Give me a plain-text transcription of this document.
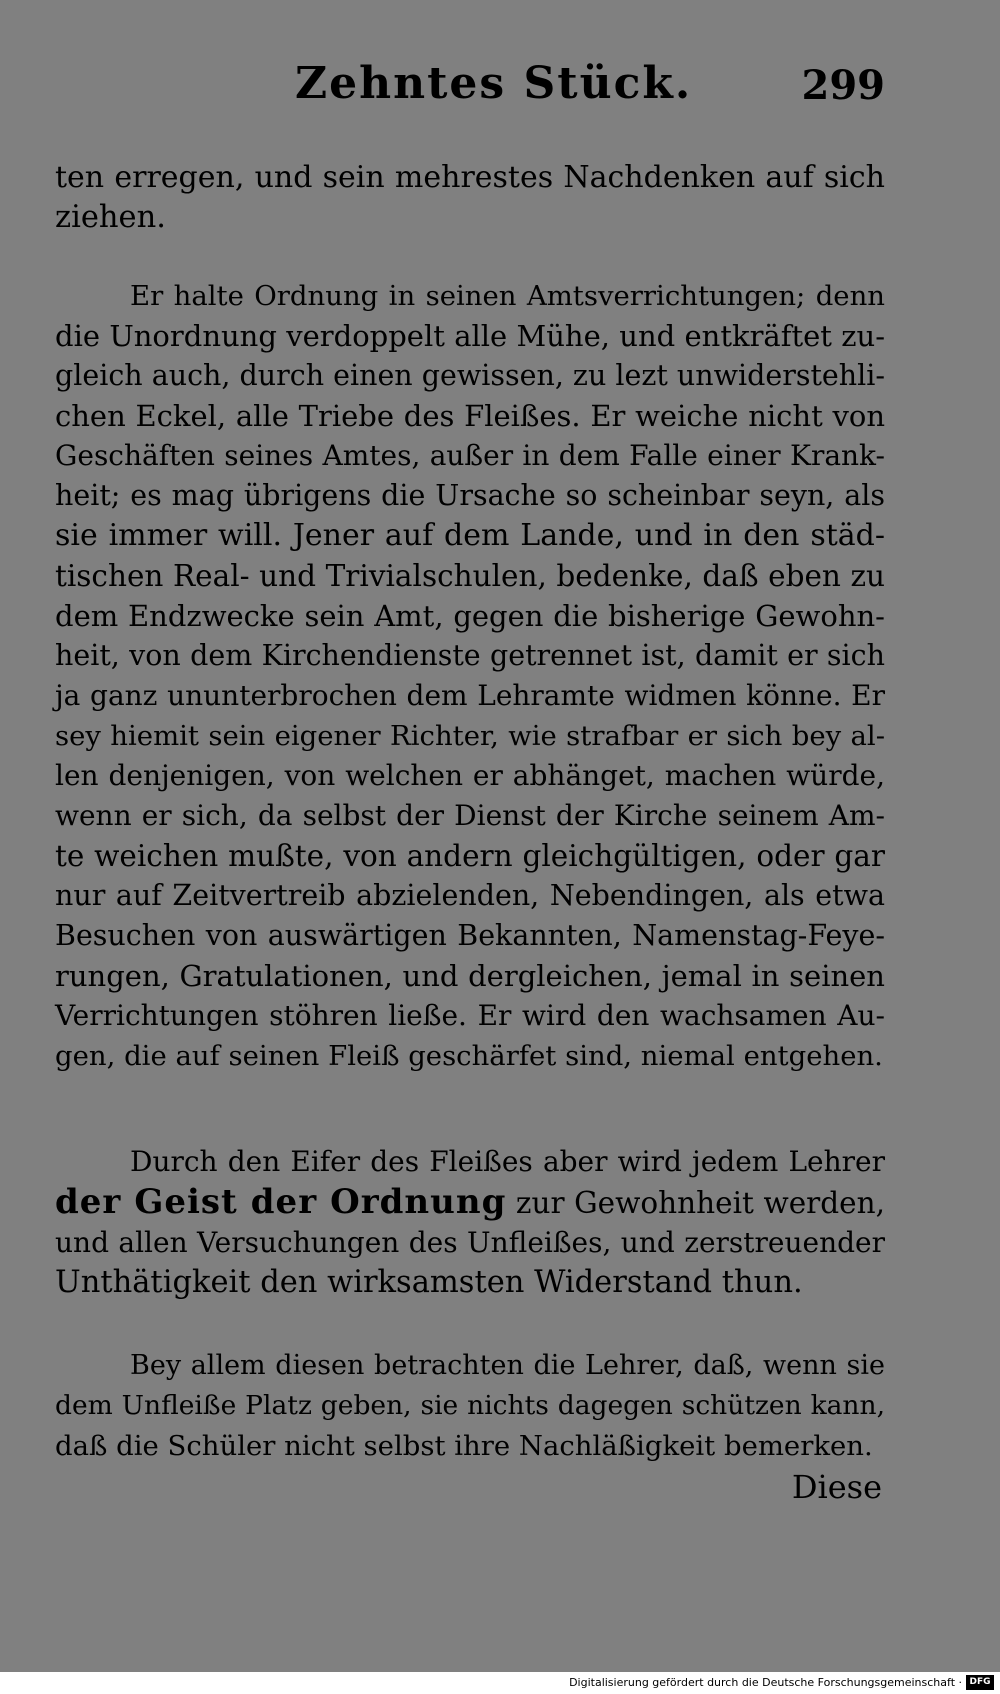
Zehntes Stück.	299
ten erregen, und sein mehrestes Nachdenken auf sich
ziehen.
Er halte Ordnung in seinen Amtsverrichtungen; denn
die Unordnung verdoppelt alle Mühe, und entkräftet zu-
gleich auch, durch einen gewissen, zu lezt unwiderstehli-
chen Eckel, alle Triebe des Fleißes. Er weiche nicht von
Geschäften seines Amtes, außer in dem Falle einer Krank-
heit; es mag übrigens die Ursache so scheinbar seyn, als
sie immer will. Jener auf dem Lande, und in den städ-
tischen Real- und Trivialschulen, bedenke, daß eben zu
dem Endzwecke sein Amt, gegen die bisherige Gewohn-
heit, von dem Kirchendienste getrennet ist, damit er sich
ja ganz ununterbrochen dem Lehramte widmen könne. Er
sey hiemit sein eigener Richter, wie strafbar er sich bey al-
len denjenigen, von welchen er abhänget, machen würde,
wenn er sich, da selbst der Dienst der Kirche seinem Am-
te weichen mußte, von andern gleichgültigen, oder gar
nur auf Zeitvertreib abzielenden, Nebendingen, als etwa
Besuchen von auswärtigen Bekannten, Namenstag-Feye-
rungen, Gratulationen, und dergleichen, jemal in seinen
Verrichtungen stöhren ließe. Er wird den wachsamen Au-
gen, die auf seinen Fleiß geschärfet sind, niemal entgehen.
Durch den Eifer des Fleißes aber wird jedem Lehrer
der Geist der Ordnung zur Gewohnheit werden,
und allen Versuchungen des Unfleißes, und zerstreuender
Unthätigkeit den wirksamsten Widerstand thun.
Bey allem diesen betrachten die Lehrer, daß, wenn sie
dem Unfleiße Platz geben, sie nichts dagegen schützen kann,
daß die Schüler nicht selbst ihre Nachläßigkeit bemerken.
Diese
Digitalisierung gefördert durch die Deutsche Forschungsgemeinschaft · DFG
